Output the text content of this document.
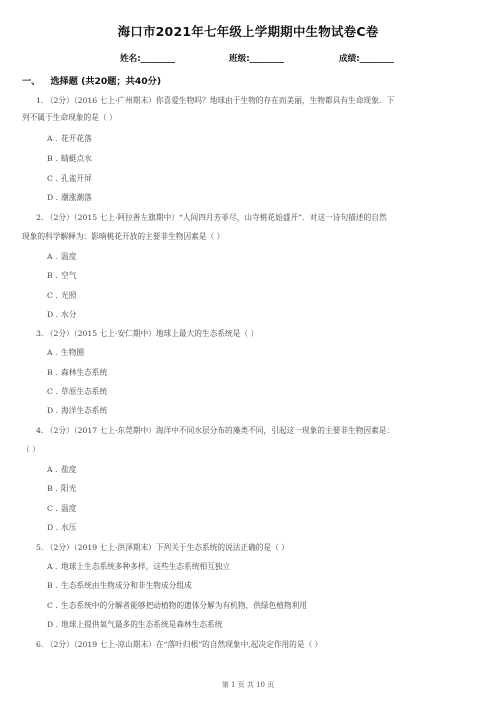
海口市2021年七年级上学期期中生物试卷C卷
姓名:________	班级:________	成绩:________
一、 选择题 (共20题；共40分)
1. （2分）（2016 七上·广州期末）你喜爱生物吗？地球由于生物的存在而美丽，生物都具有生命现象．下
列不属于生命现象的是（ ）
A . 花开花落
B . 蜻蜓点水
C . 孔雀开屏
D . 潮涨潮落
2. （2分）（2015 七上·阿拉善左旗期中）“人间四月芳菲尽，山寺桃花始盛开”．对这一诗句描述的自然
现象的科学解释为：影响桃花开放的主要非生物因素是（ ）
A . 温度
B . 空气
C . 光照
D . 水分
3. （2分）（2015 七上·安仁期中）地球上最大的生态系统是（ ）
A . 生物圈
B . 森林生态系统
C . 草原生态系统
D . 海洋生态系统
4. （2分）（2017 七上·东莞期中）海洋中不同水层分布的藻类不同，引起这一现象的主要非生物因素是：
（ ）
A . 盐度
B . 阳光
C . 温度
D . 水压
5. （2分）（2019 七上·洪泽期末）下列关于生态系统的说法正确的是（ ）
A . 地球上生态系统多种多样，这些生态系统相互独立
B . 生态系统由生物成分和非生物成分组成
C . 生态系统中的分解者能够把动植物的遗体分解为有机物，供绿色植物利用
D . 地球上提供氧气最多的生态系统是森林生态系统
6. （2分）（2019 七上·凉山期末）在“落叶归根”的自然现象中,起决定作用的是（ ）
第 1 页 共 10 页
